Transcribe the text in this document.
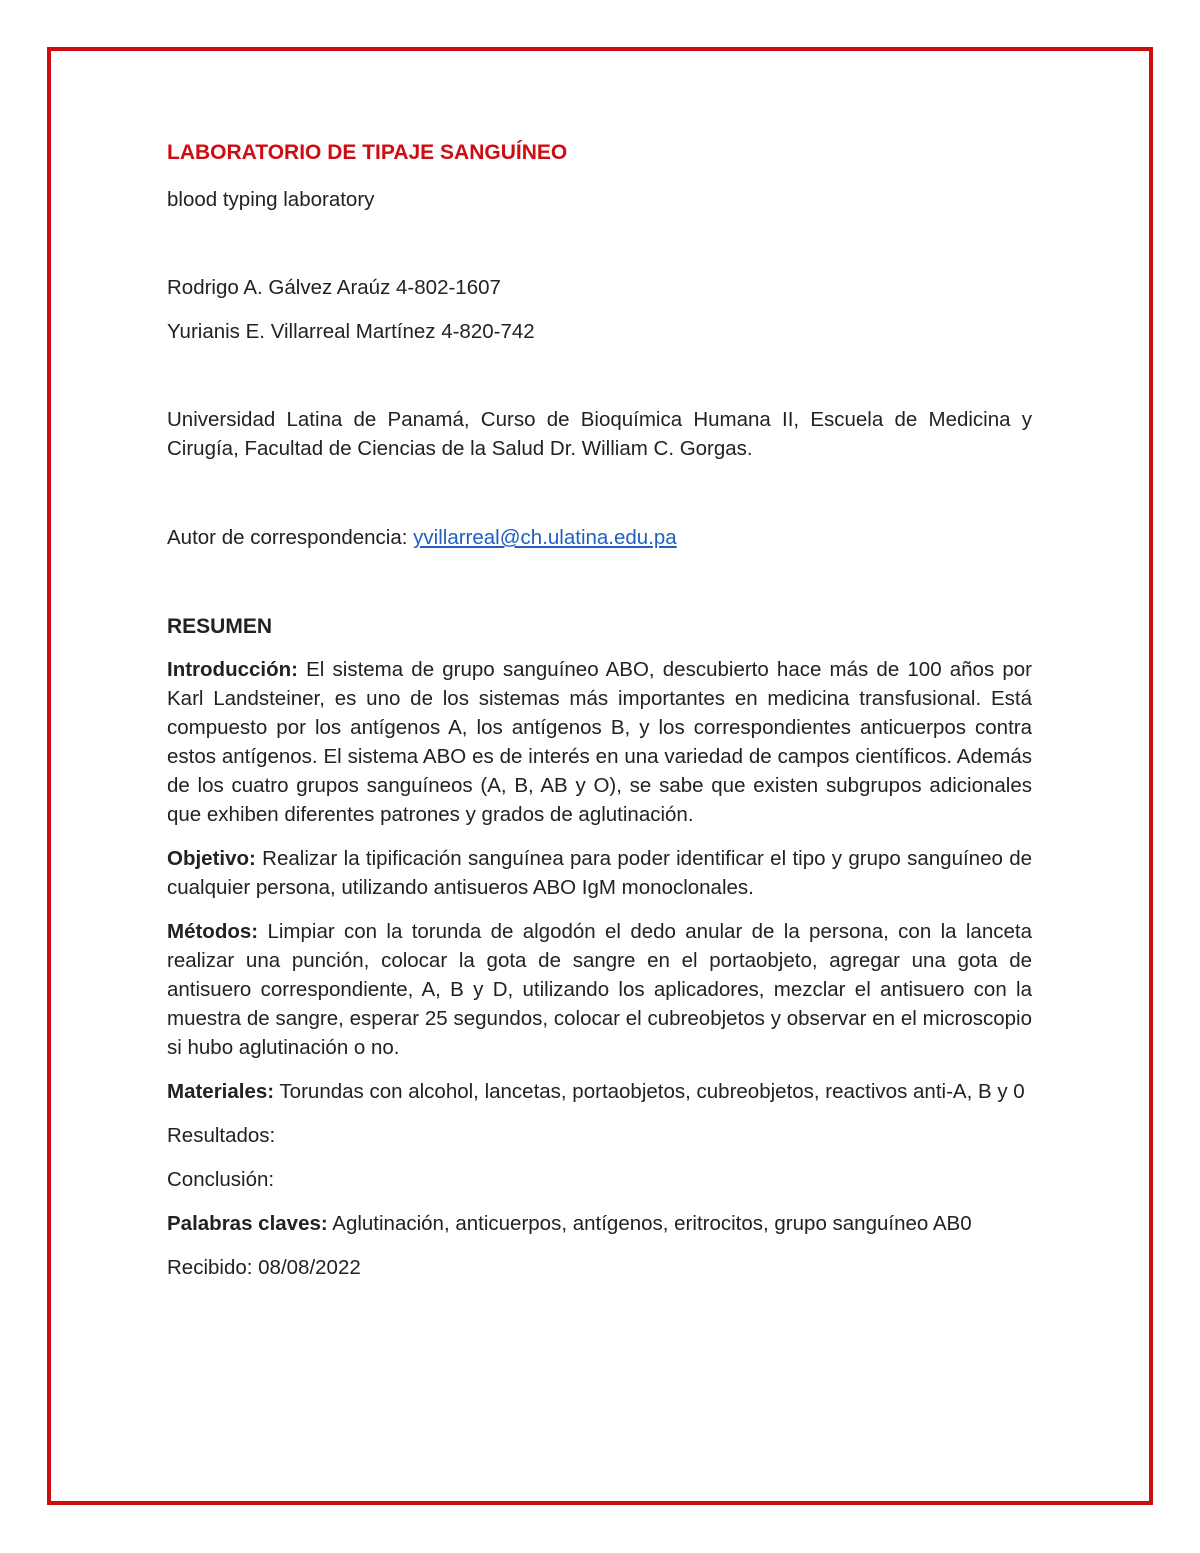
LABORATORIO DE TIPAJE SANGUÍNEO

blood typing laboratory

Rodrigo A. Gálvez Araúz 4-802-1607

Yurianis E. Villarreal Martínez 4-820-742

Universidad Latina de Panamá, Curso de Bioquímica Humana II, Escuela de Medicina y Cirugía, Facultad de Ciencias de la Salud Dr. William C. Gorgas.

Autor de correspondencia: yvillarreal@ch.ulatina.edu.pa

RESUMEN

Introducción: El sistema de grupo sanguíneo ABO, descubierto hace más de 100 años por Karl Landsteiner, es uno de los sistemas más importantes en medicina transfusional. Está compuesto por los antígenos A, los antígenos B, y los correspondientes anticuerpos contra estos antígenos. El sistema ABO es de interés en una variedad de campos científicos. Además de los cuatro grupos sanguíneos (A, B, AB y O), se sabe que existen subgrupos adicionales que exhiben diferentes patrones y grados de aglutinación.

Objetivo: Realizar la tipificación sanguínea para poder identificar el tipo y grupo sanguíneo de cualquier persona, utilizando antisueros ABO IgM monoclonales.

Métodos: Limpiar con la torunda de algodón el dedo anular de la persona, con la lanceta realizar una punción, colocar la gota de sangre en el portaobjeto, agregar una gota de antisuero correspondiente, A, B y D, utilizando los aplicadores, mezclar el antisuero con la muestra de sangre, esperar 25 segundos, colocar el cubreobjetos y observar en el microscopio si hubo aglutinación o no.

Materiales: Torundas con alcohol, lancetas, portaobjetos, cubreobjetos, reactivos anti-A, B y 0

Resultados:

Conclusión:

Palabras claves: Aglutinación, anticuerpos, antígenos, eritrocitos, grupo sanguíneo AB0

Recibido: 08/08/2022
